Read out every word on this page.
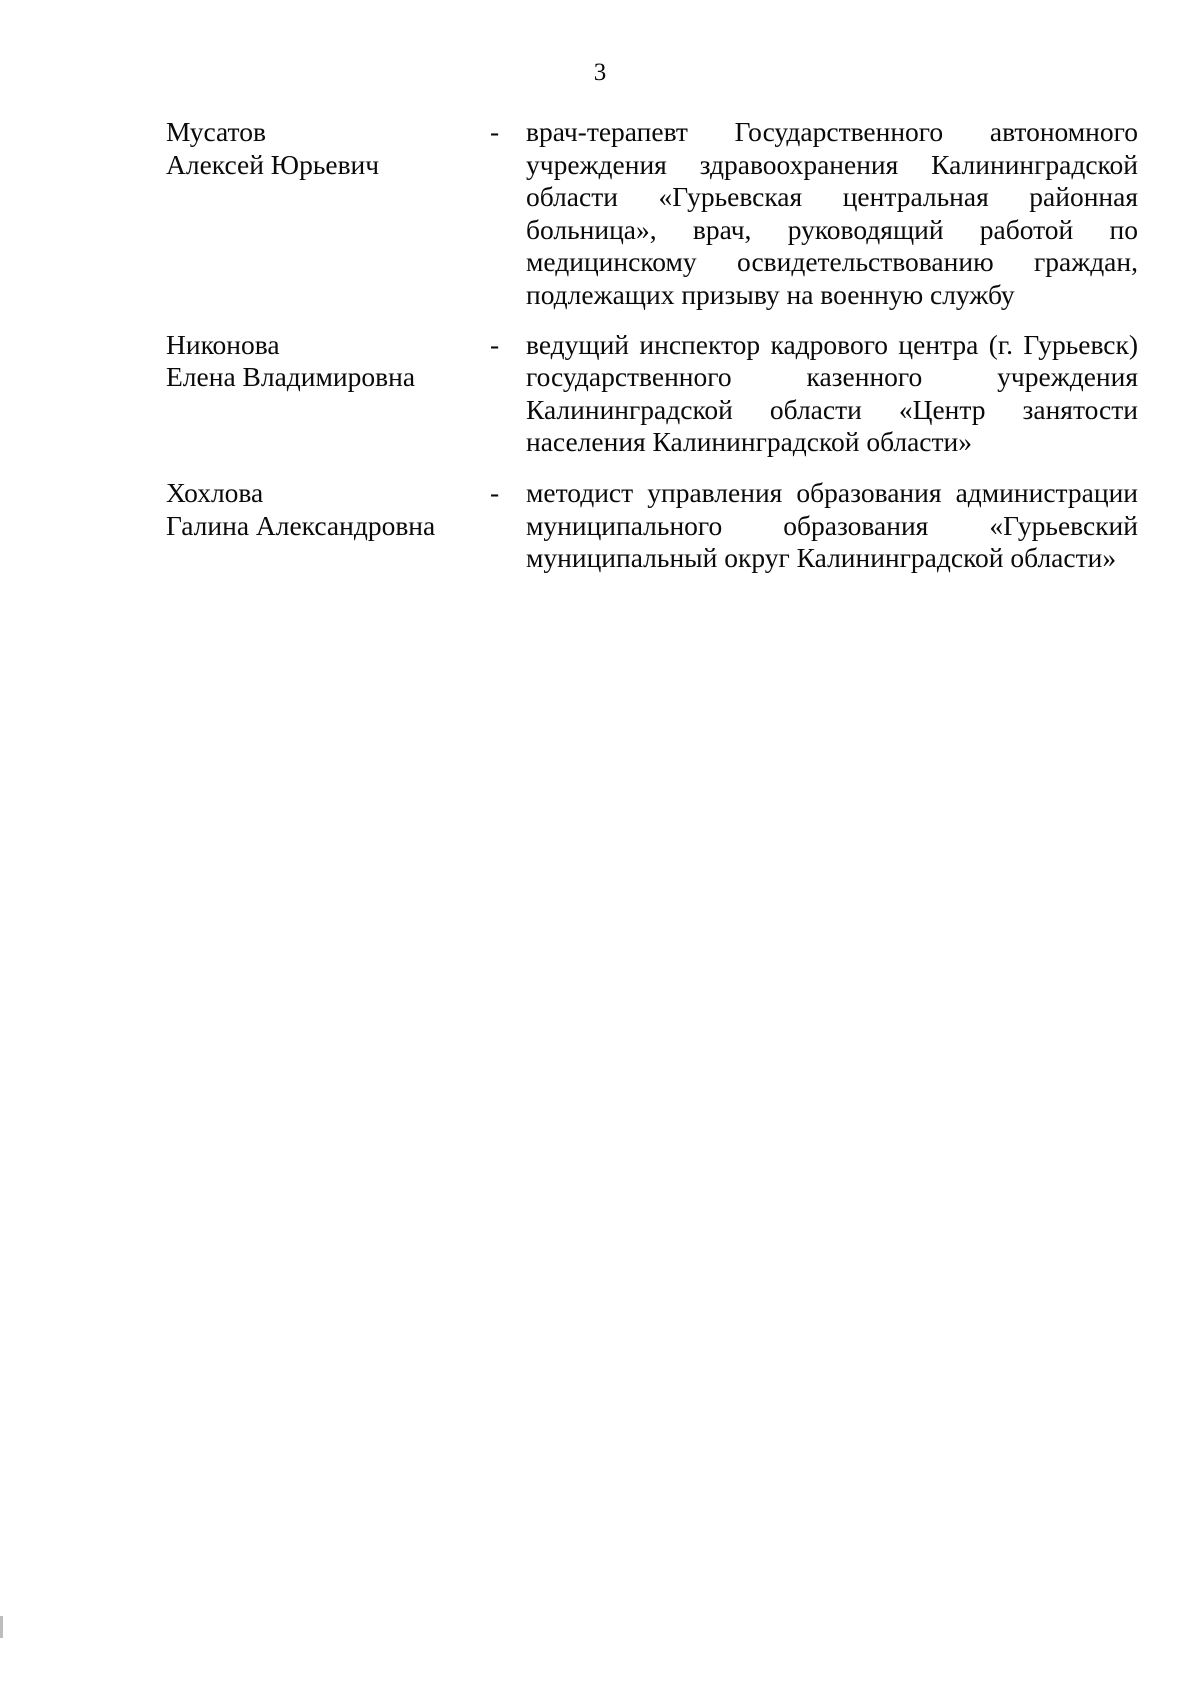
3
Мусатов
Алексей Юрьевич
- врач-терапевт Государственного автономного учреждения здравоохранения Калининградской области «Гурьевская центральная районная больница», врач, руководящий работой по медицинскому освидетельствованию граждан, подлежащих призыву на военную службу
Никонова
Елена Владимировна
- ведущий инспектор кадрового центра (г. Гурьевск) государственного казенного учреждения Калининградской области «Центр занятости населения Калининградской области»
Хохлова
Галина Александровна
- методист управления образования администрации муниципального образования «Гурьевский муниципальный округ Калининградской области»
